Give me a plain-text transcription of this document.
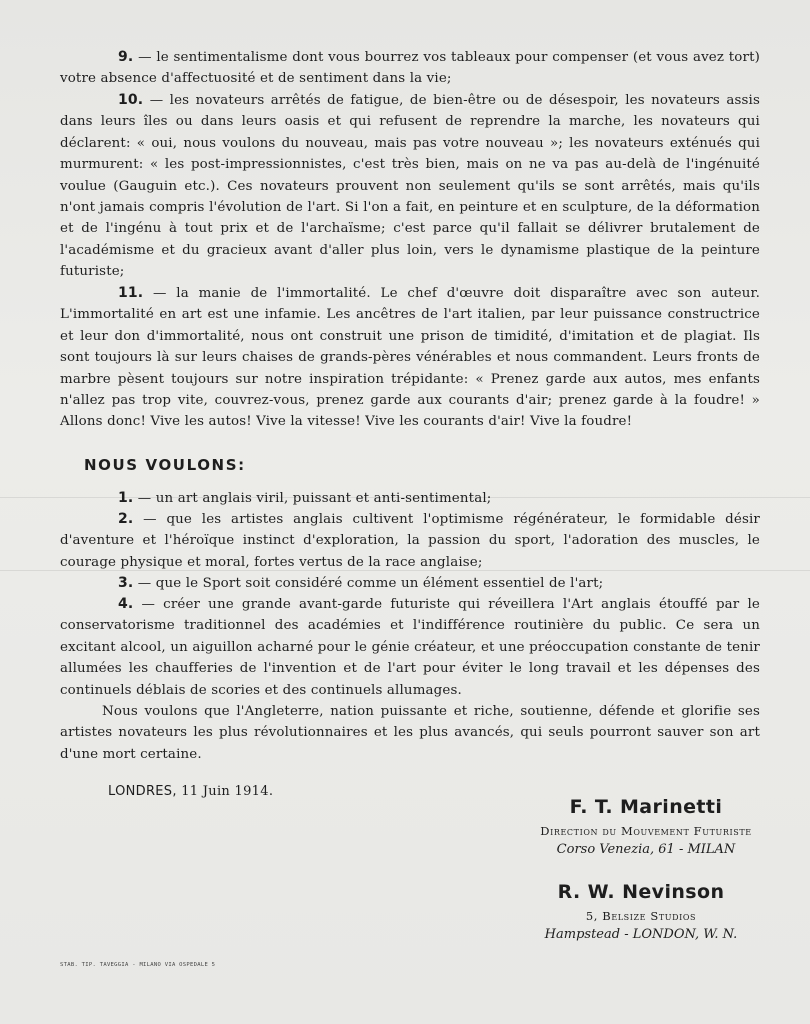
9. — le sentimentalisme dont vous bourrez vos tableaux pour compenser (et vous avez tort) votre absence d'affectuosité et de sentiment dans la vie;

10. — les novateurs arrêtés de fatigue, de bien-être ou de désespoir, les novateurs assis dans leurs îles ou dans leurs oasis et qui refusent de reprendre la marche, les novateurs qui déclarent: « oui, nous voulons du nouveau, mais pas votre nouveau »; les novateurs exténués qui murmurent: « les post-impressionnistes, c'est très bien, mais on ne va pas au-delà de l'ingénuité voulue (Gauguin etc.). Ces novateurs prouvent non seulement qu'ils se sont arrêtés, mais qu'ils n'ont jamais compris l'évolution de l'art. Si l'on a fait, en peinture et en sculpture, de la déformation et de l'ingénu à tout prix et de l'archaïsme; c'est parce qu'il fallait se délivrer brutalement de l'académisme et du gracieux avant d'aller plus loin, vers le dynamisme plastique de la peinture futuriste;

11. — la manie de l'immortalité. Le chef d'œuvre doit disparaître avec son auteur. L'immortalité en art est une infamie. Les ancêtres de l'art italien, par leur puissance constructrice et leur don d'immortalité, nous ont construit une prison de timidité, d'imitation et de plagiat. Ils sont toujours là sur leurs chaises de grands-pères vénérables et nous commandent. Leurs fronts de marbre pèsent toujours sur notre inspiration trépidante: « Prenez garde aux autos, mes enfants n'allez pas trop vite, couvrez-vous, prenez garde aux courants d'air; prenez garde à la foudre! » Allons donc! Vive les autos! Vive la vitesse! Vive les courants d'air! Vive la foudre!

NOUS VOULONS:

1. — un art anglais viril, puissant et anti-sentimental;

2. — que les artistes anglais cultivent l'optimisme régénérateur, le formidable désir d'aventure et l'héroïque instinct d'exploration, la passion du sport, l'adoration des muscles, le courage physique et moral, fortes vertus de la race anglaise;

3. — que le Sport soit considéré comme un élément essentiel de l'art;

4. — créer une grande avant-garde futuriste qui réveillera l'Art anglais étouffé par le conservatorisme traditionnel des académies et l'indifférence routinière du public. Ce sera un excitant alcool, un aiguillon acharné pour le génie créateur, et une préoccupation constante de tenir allumées les chaufferies de l'invention et de l'art pour éviter le long travail et les dépenses des continuels déblais de scories et des continuels allumages.

Nous voulons que l'Angleterre, nation puissante et riche, soutienne, défende et glorifie ses artistes novateurs les plus révolutionnaires et les plus avancés, qui seuls pourront sauver son art d'une mort certaine.

LONDRES, 11 Juin 1914.

F. T. Marinetti

Direction du Mouvement Futuriste

Corso Venezia, 61 - MILAN

R. W. Nevinson

5, Belsize Studios

Hampstead - LONDON, W. N.

STAB. TIP. TAVEGGIA - MILANO VIA OSPEDALE 5
